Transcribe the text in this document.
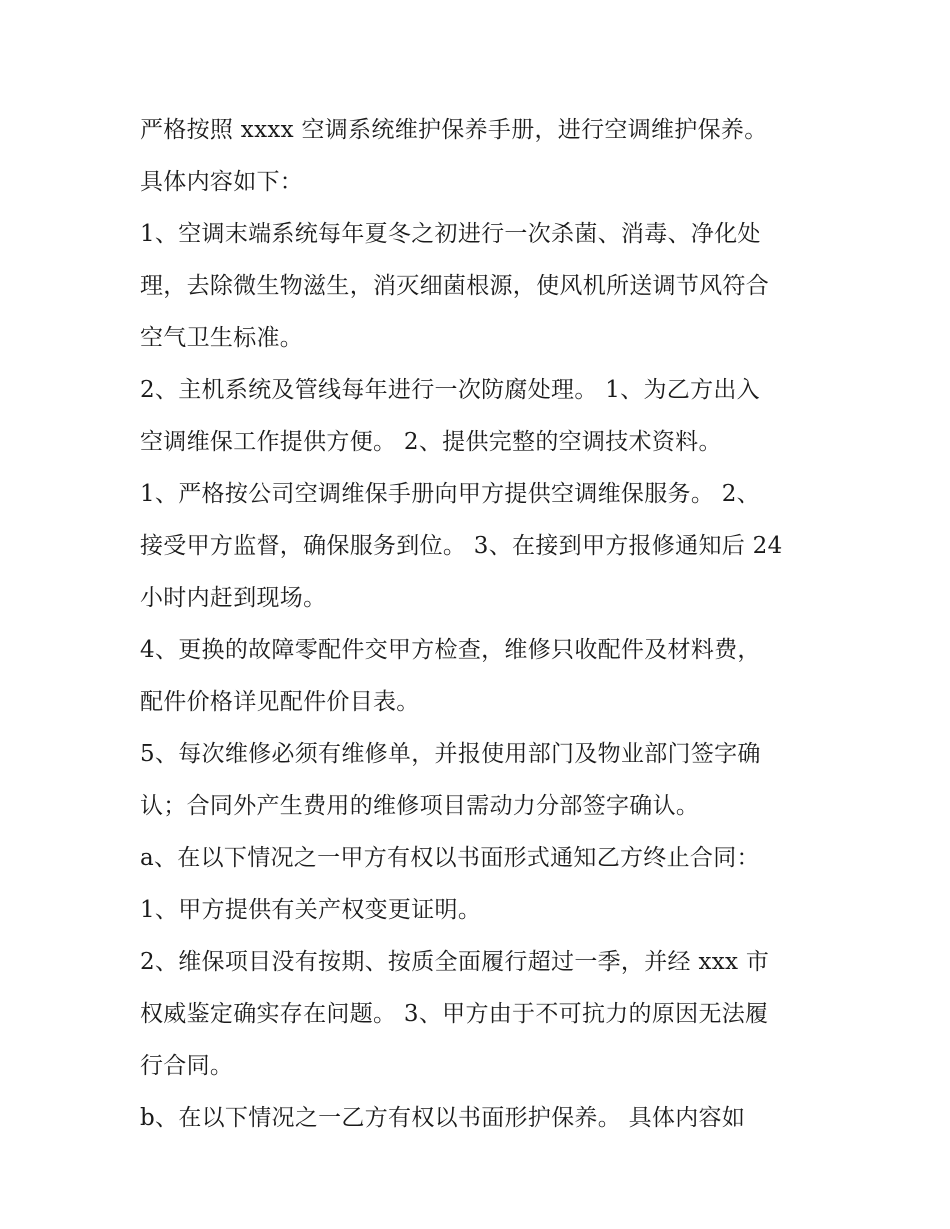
严格按照 xxxx 空调系统维护保养手册，进行空调维护保养。
具体内容如下：
1、空调末端系统每年夏冬之初进行一次杀菌、消毒、净化处
理，去除微生物滋生，消灭细菌根源，使风机所送调节风符合
空气卫生标准。
2、主机系统及管线每年进行一次防腐处理。 1、为乙方出入
空调维保工作提供方便。 2、提供完整的空调技术资料。
1、严格按公司空调维保手册向甲方提供空调维保服务。 2、
接受甲方监督，确保服务到位。 3、在接到甲方报修通知后 24
小时内赶到现场。
4、更换的故障零配件交甲方检查，维修只收配件及材料费，
配件价格详见配件价目表。
5、每次维修必须有维修单，并报使用部门及物业部门签字确
认；合同外产生费用的维修项目需动力分部签字确认。
a、在以下情况之一甲方有权以书面形式通知乙方终止合同：
1、甲方提供有关产权变更证明。
2、维保项目没有按期、按质全面履行超过一季，并经 xxx 市
权威鉴定确实存在问题。 3、甲方由于不可抗力的原因无法履
行合同。
b、在以下情况之一乙方有权以书面形护保养。 具体内容如
